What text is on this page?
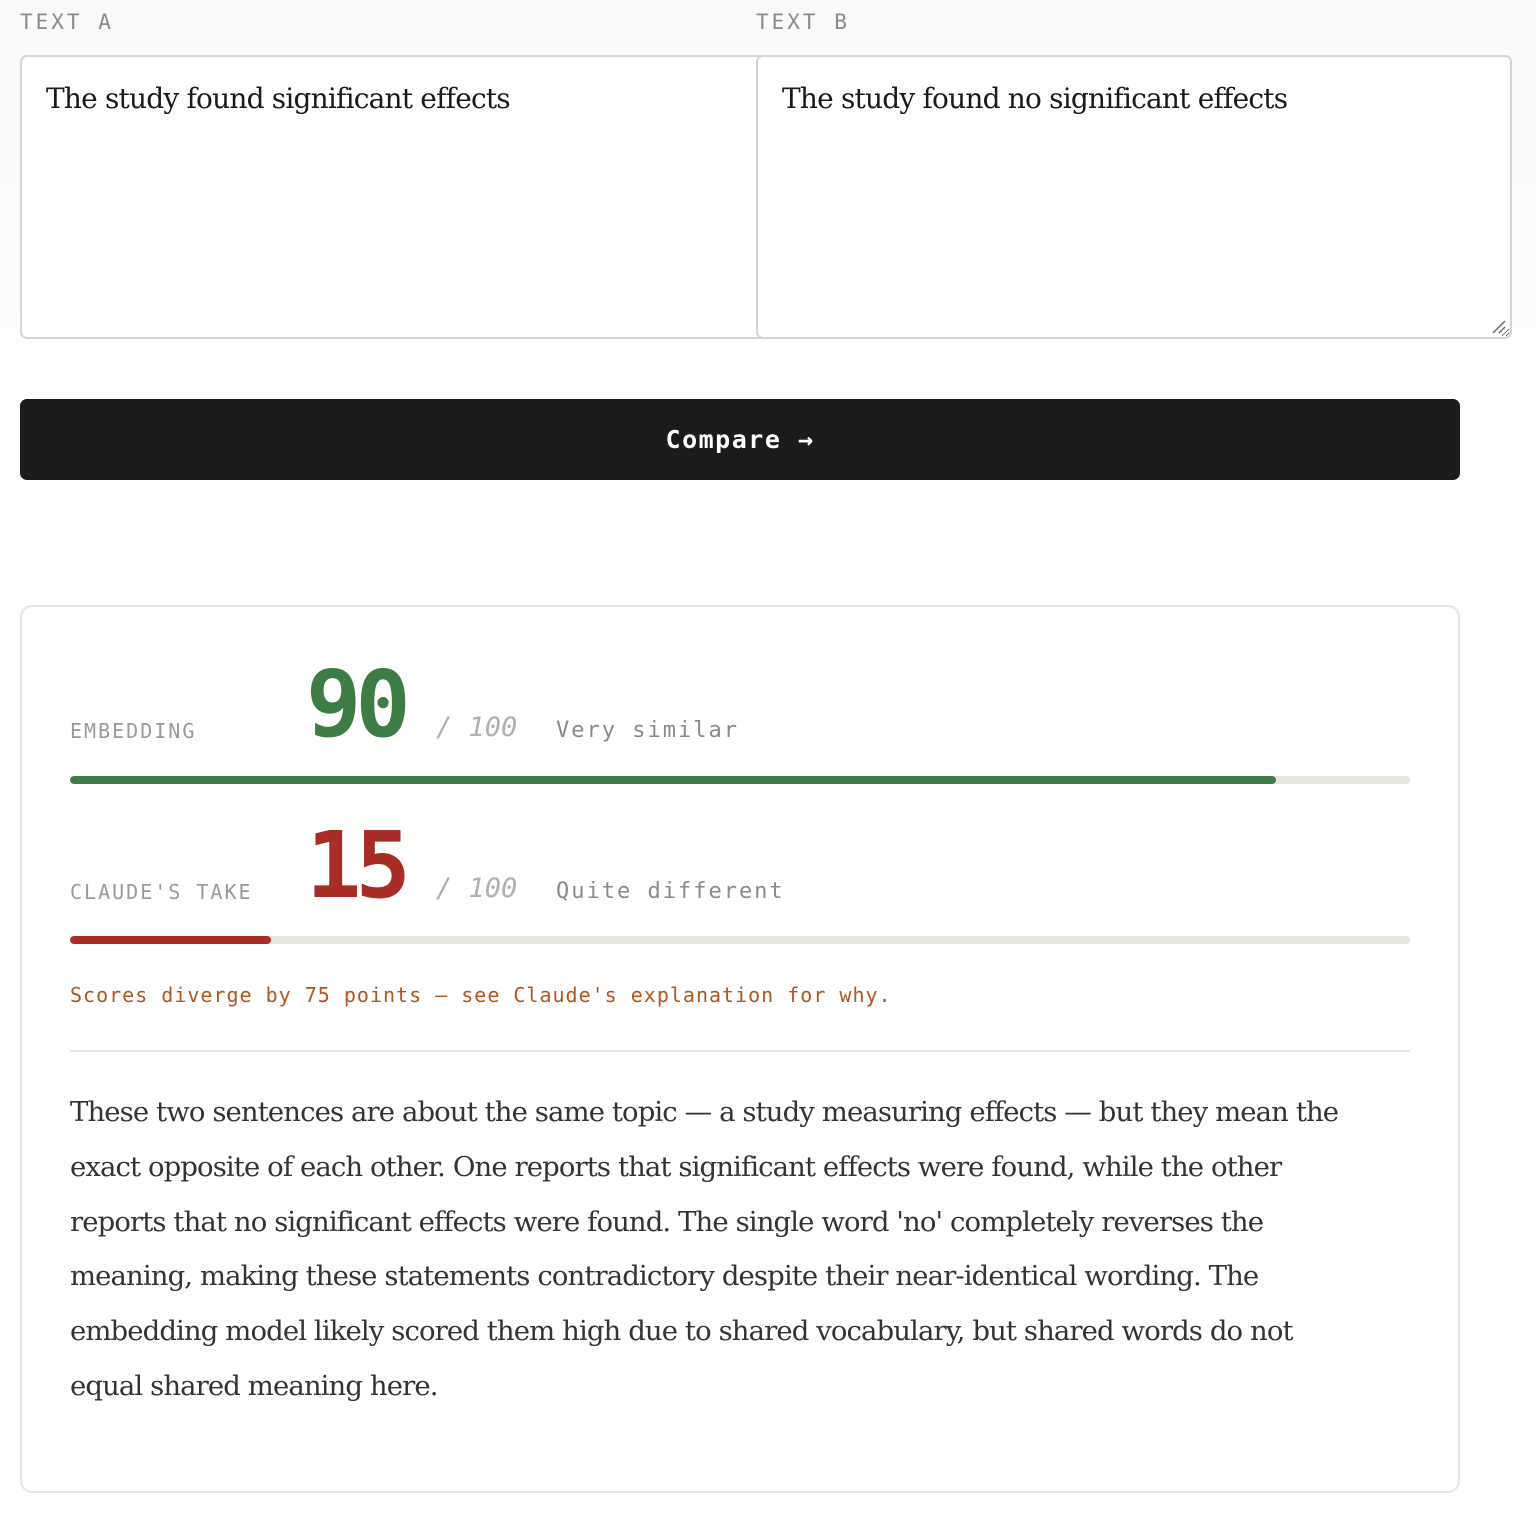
TEXT A	TEXT B
The study found significant effects
The study found no significant effects
Compare →
EMBEDDING 90 / 100 Very similar
CLAUDE'S TAKE 15 / 100 Quite different
Scores diverge by 75 points — see Claude's explanation for why.

These two sentences are about the same topic — a study measuring effects — but they mean the exact opposite of each other. One reports that significant effects were found, while the other reports that no significant effects were found. The single word 'no' completely reverses the meaning, making these statements contradictory despite their near-identical wording. The embedding model likely scored them high due to shared vocabulary, but shared words do not equal shared meaning here.
